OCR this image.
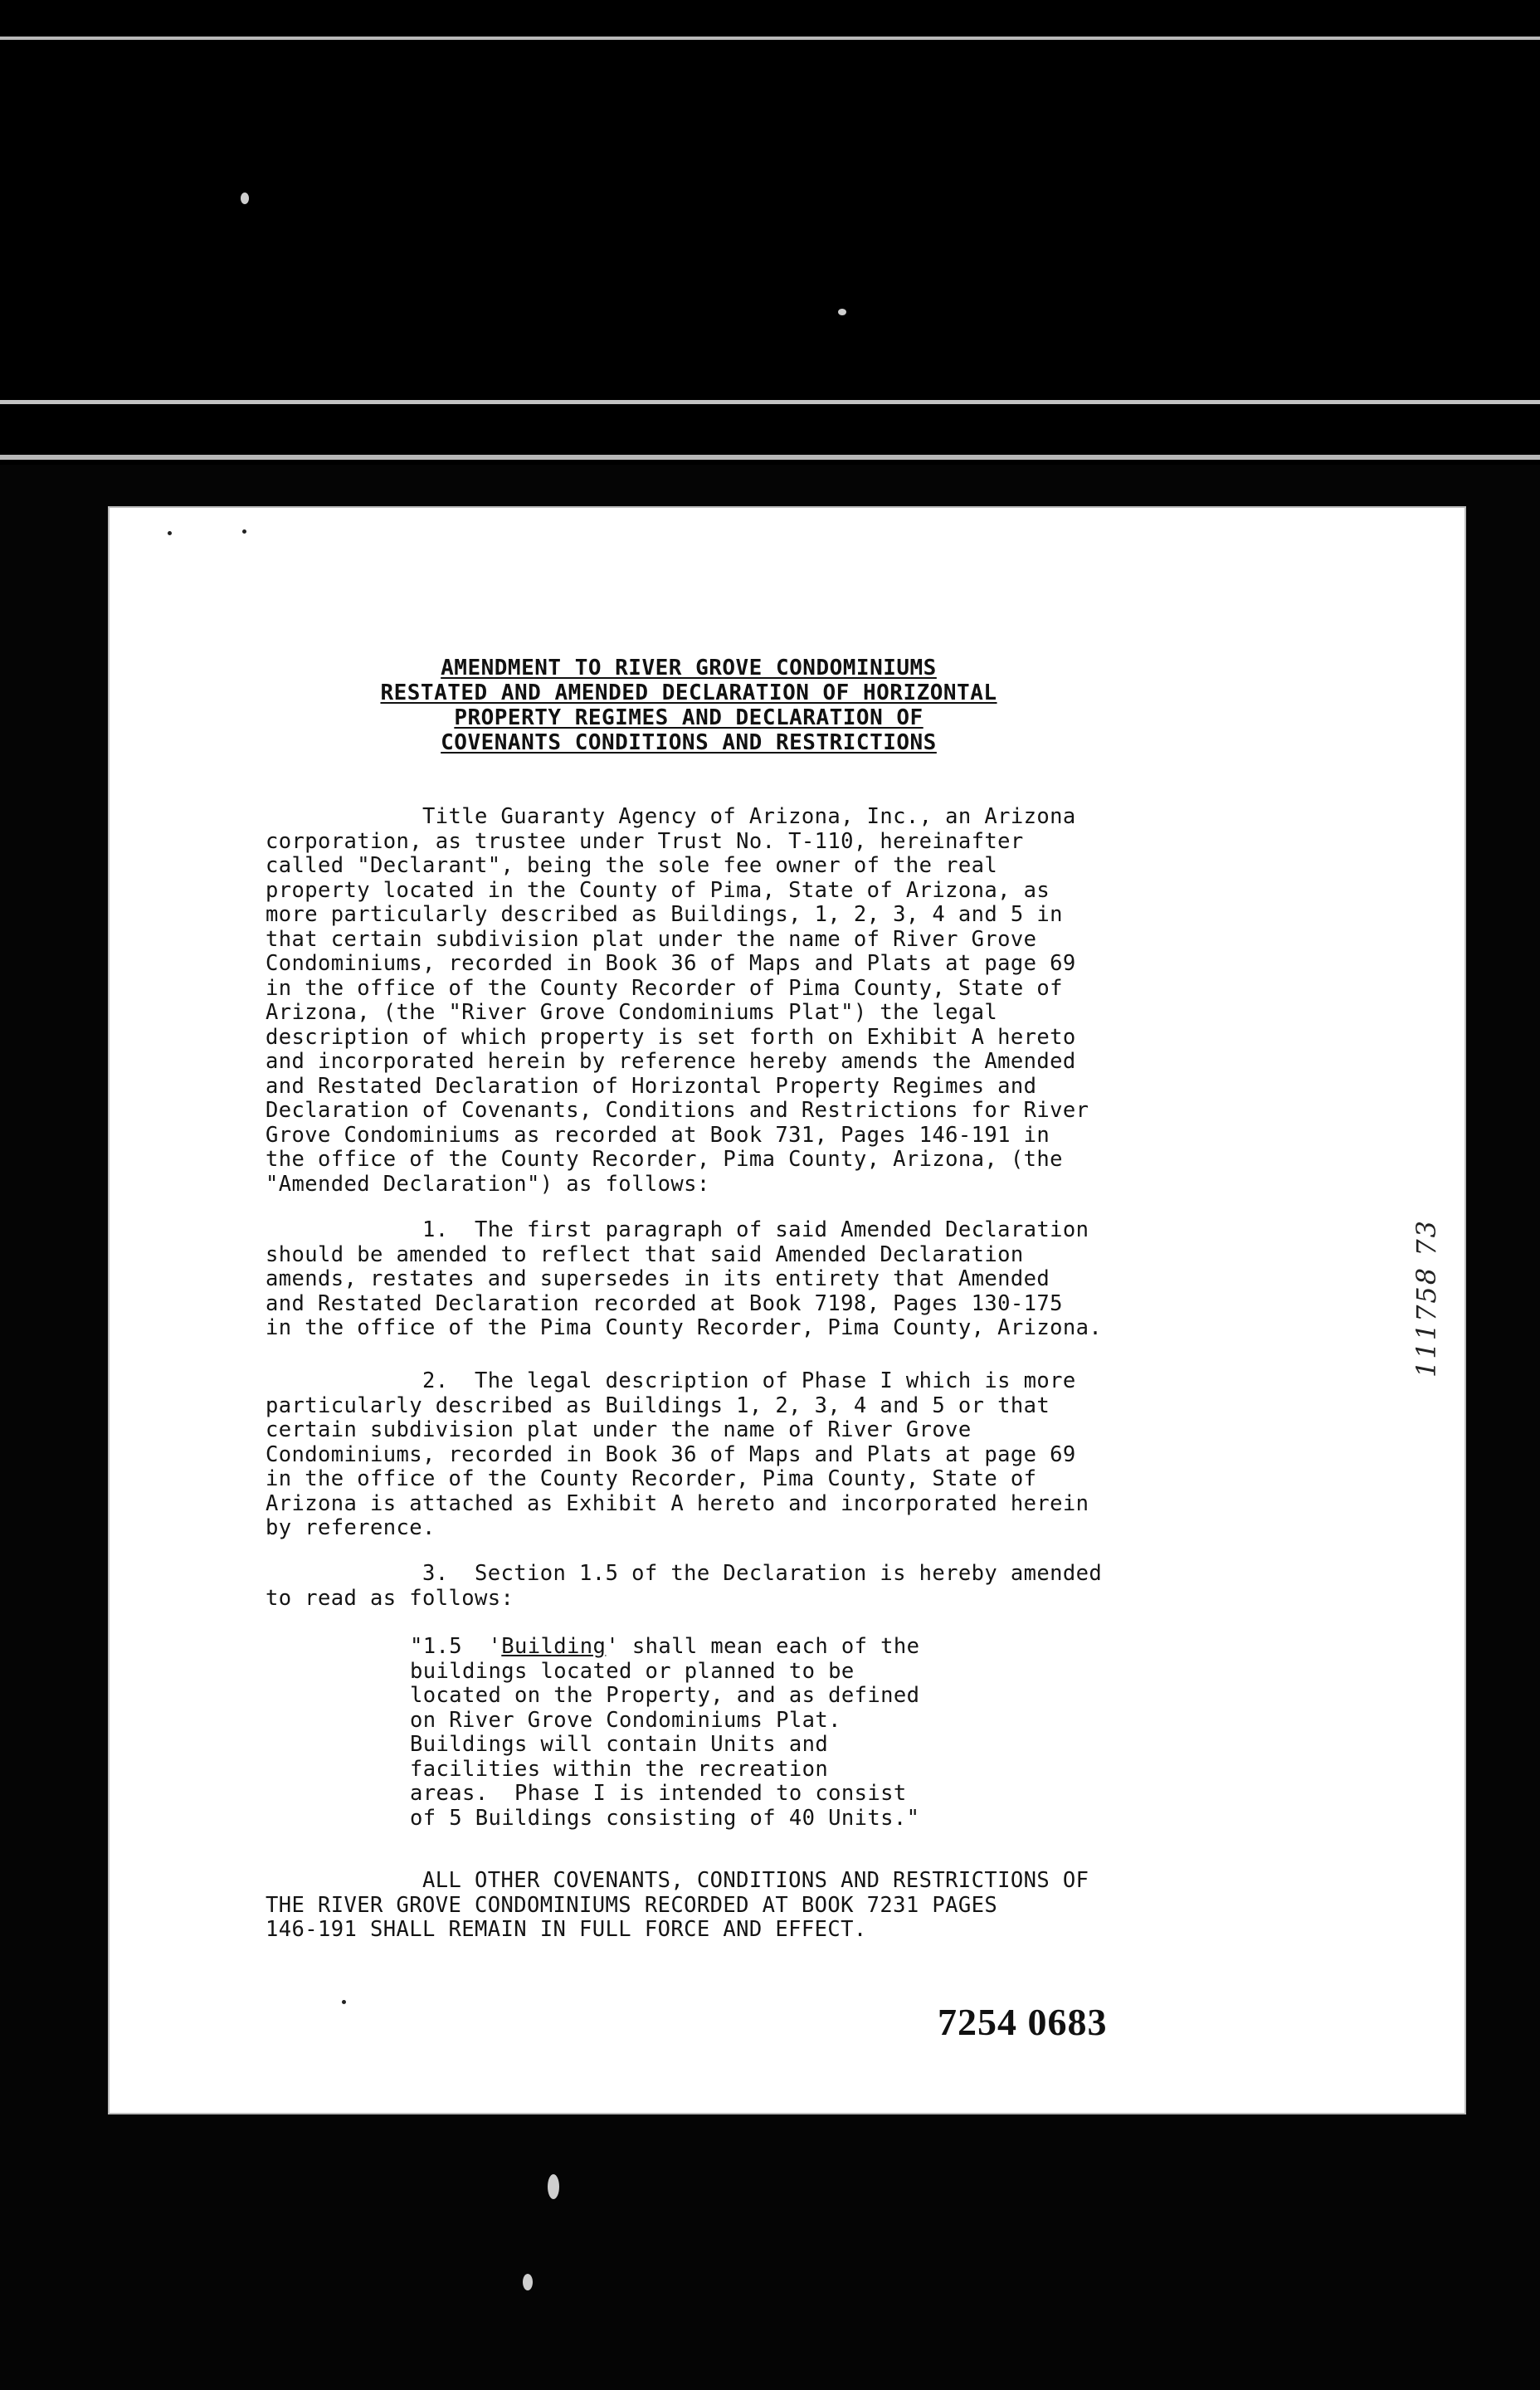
AMENDMENT TO RIVER GROVE CONDOMINIUMS
RESTATED AND AMENDED DECLARATION OF HORIZONTAL
PROPERTY REGIMES AND DECLARATION OF
COVENANTS CONDITIONS AND RESTRICTIONS
Title Guaranty Agency of Arizona, Inc., an Arizona
corporation, as trustee under Trust No. T-110, hereinafter
called "Declarant", being the sole fee owner of the real
property located in the County of Pima, State of Arizona, as
more particularly described as Buildings, 1, 2, 3, 4 and 5 in
that certain subdivision plat under the name of River Grove
Condominiums, recorded in Book 36 of Maps and Plats at page 69
in the office of the County Recorder of Pima County, State of
Arizona, (the "River Grove Condominiums Plat") the legal
description of which property is set forth on Exhibit A hereto
and incorporated herein by reference hereby amends the Amended
and Restated Declaration of Horizontal Property Regimes and
Declaration of Covenants, Conditions and Restrictions for River
Grove Condominiums as recorded at Book 731, Pages 146-191 in
the office of the County Recorder, Pima County, Arizona, (the
"Amended Declaration") as follows:
1.  The first paragraph of said Amended Declaration
should be amended to reflect that said Amended Declaration
amends, restates and supersedes in its entirety that Amended
and Restated Declaration recorded at Book 7198, Pages 130-175
in the office of the Pima County Recorder, Pima County, Arizona.
2.  The legal description of Phase I which is more
particularly described as Buildings 1, 2, 3, 4 and 5 or that
certain subdivision plat under the name of River Grove
Condominiums, recorded in Book 36 of Maps and Plats at page 69
in the office of the County Recorder, Pima County, State of
Arizona is attached as Exhibit A hereto and incorporated herein
by reference.
3.  Section 1.5 of the Declaration is hereby amended
to read as follows:
"1.5  'Building' shall mean each of the
buildings located or planned to be
located on the Property, and as defined
on River Grove Condominiums Plat.
Buildings will contain Units and
facilities within the recreation
areas.  Phase I is intended to consist
of 5 Buildings consisting of 40 Units."
ALL OTHER COVENANTS, CONDITIONS AND RESTRICTIONS OF
THE RIVER GROVE CONDOMINIUMS RECORDED AT BOOK 7231 PAGES
146-191 SHALL REMAIN IN FULL FORCE AND EFFECT.
111758 73
7254 0683
